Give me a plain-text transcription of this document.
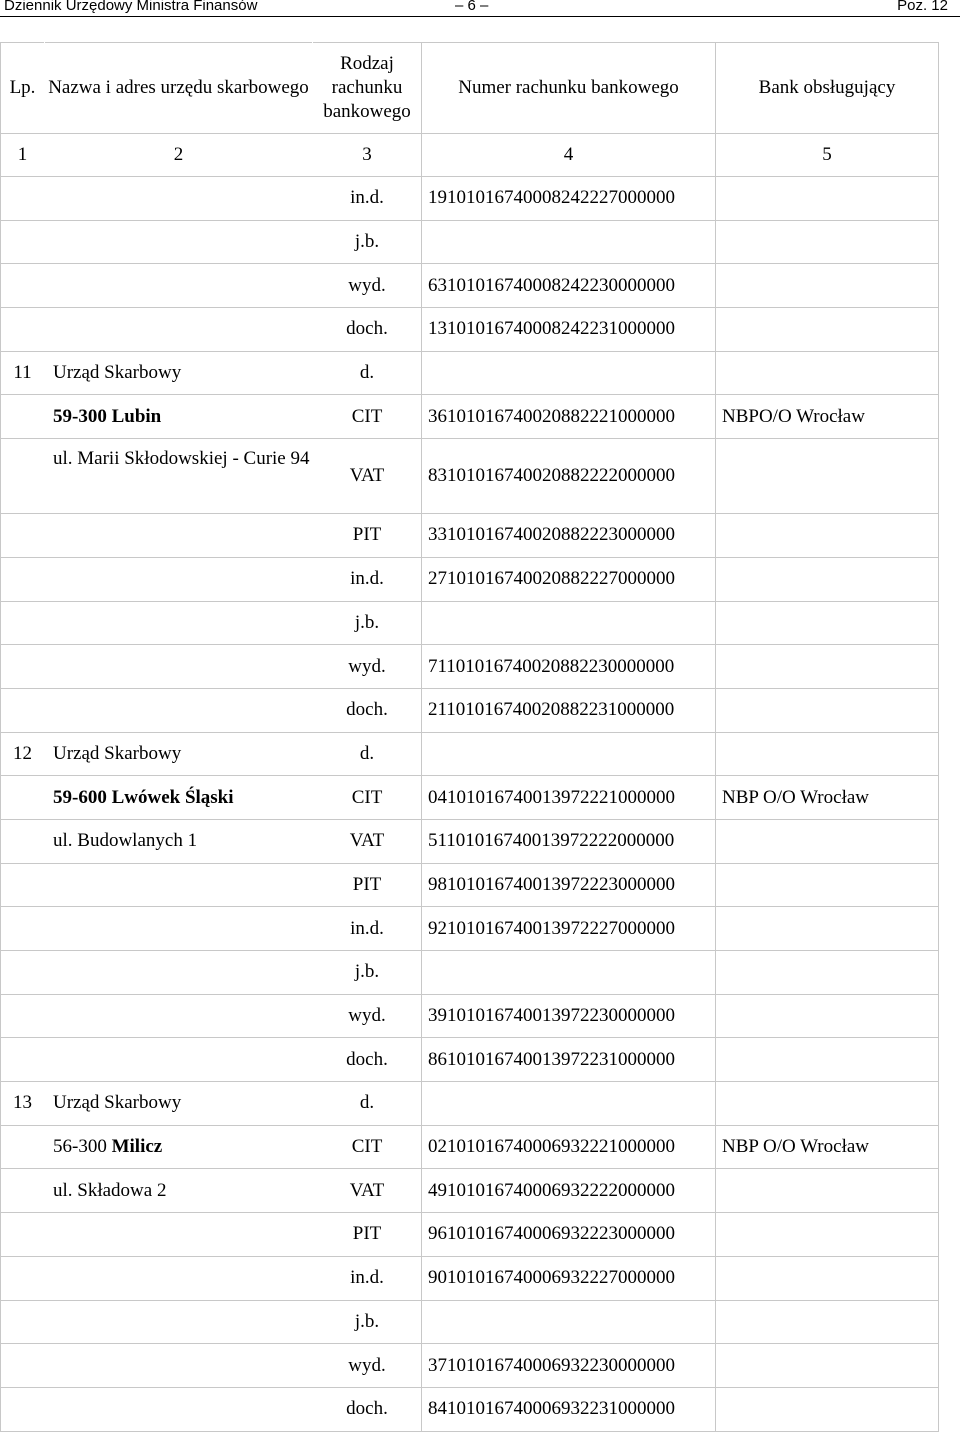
Dziennik Urzędowy Ministra Finansów	– 6 –	Poz. 12
Lp.	Nazwa i adres urzędu skarbowego	Rodzaj rachunku bankowego	Numer rachunku bankowego	Bank obsługujący
1	2	3	4	5
		in.d.	19101016740008242227000000	
		j.b.		
		wyd.	63101016740008242230000000	
		doch.	13101016740008242231000000	
11	Urząd Skarbowy	d.		
	59-300 Lubin	CIT	36101016740020882221000000	NBPO/O Wrocław
	ul. Marii Skłodowskiej - Curie 94	VAT	83101016740020882222000000	
		PIT	33101016740020882223000000	
		in.d.	27101016740020882227000000	
		j.b.		
		wyd.	71101016740020882230000000	
		doch.	21101016740020882231000000	
12	Urząd Skarbowy	d.		
	59-600 Lwówek Śląski	CIT	04101016740013972221000000	NBP O/O Wrocław
	ul. Budowlanych 1	VAT	51101016740013972222000000	
		PIT	98101016740013972223000000	
		in.d.	92101016740013972227000000	
		j.b.		
		wyd.	39101016740013972230000000	
		doch.	86101016740013972231000000	
13	Urząd Skarbowy	d.		
	56-300 Milicz	CIT	02101016740006932221000000	NBP O/O Wrocław
	ul. Składowa 2	VAT	49101016740006932222000000	
		PIT	96101016740006932223000000	
		in.d.	90101016740006932227000000	
		j.b.		
		wyd.	37101016740006932230000000	
		doch.	84101016740006932231000000	
